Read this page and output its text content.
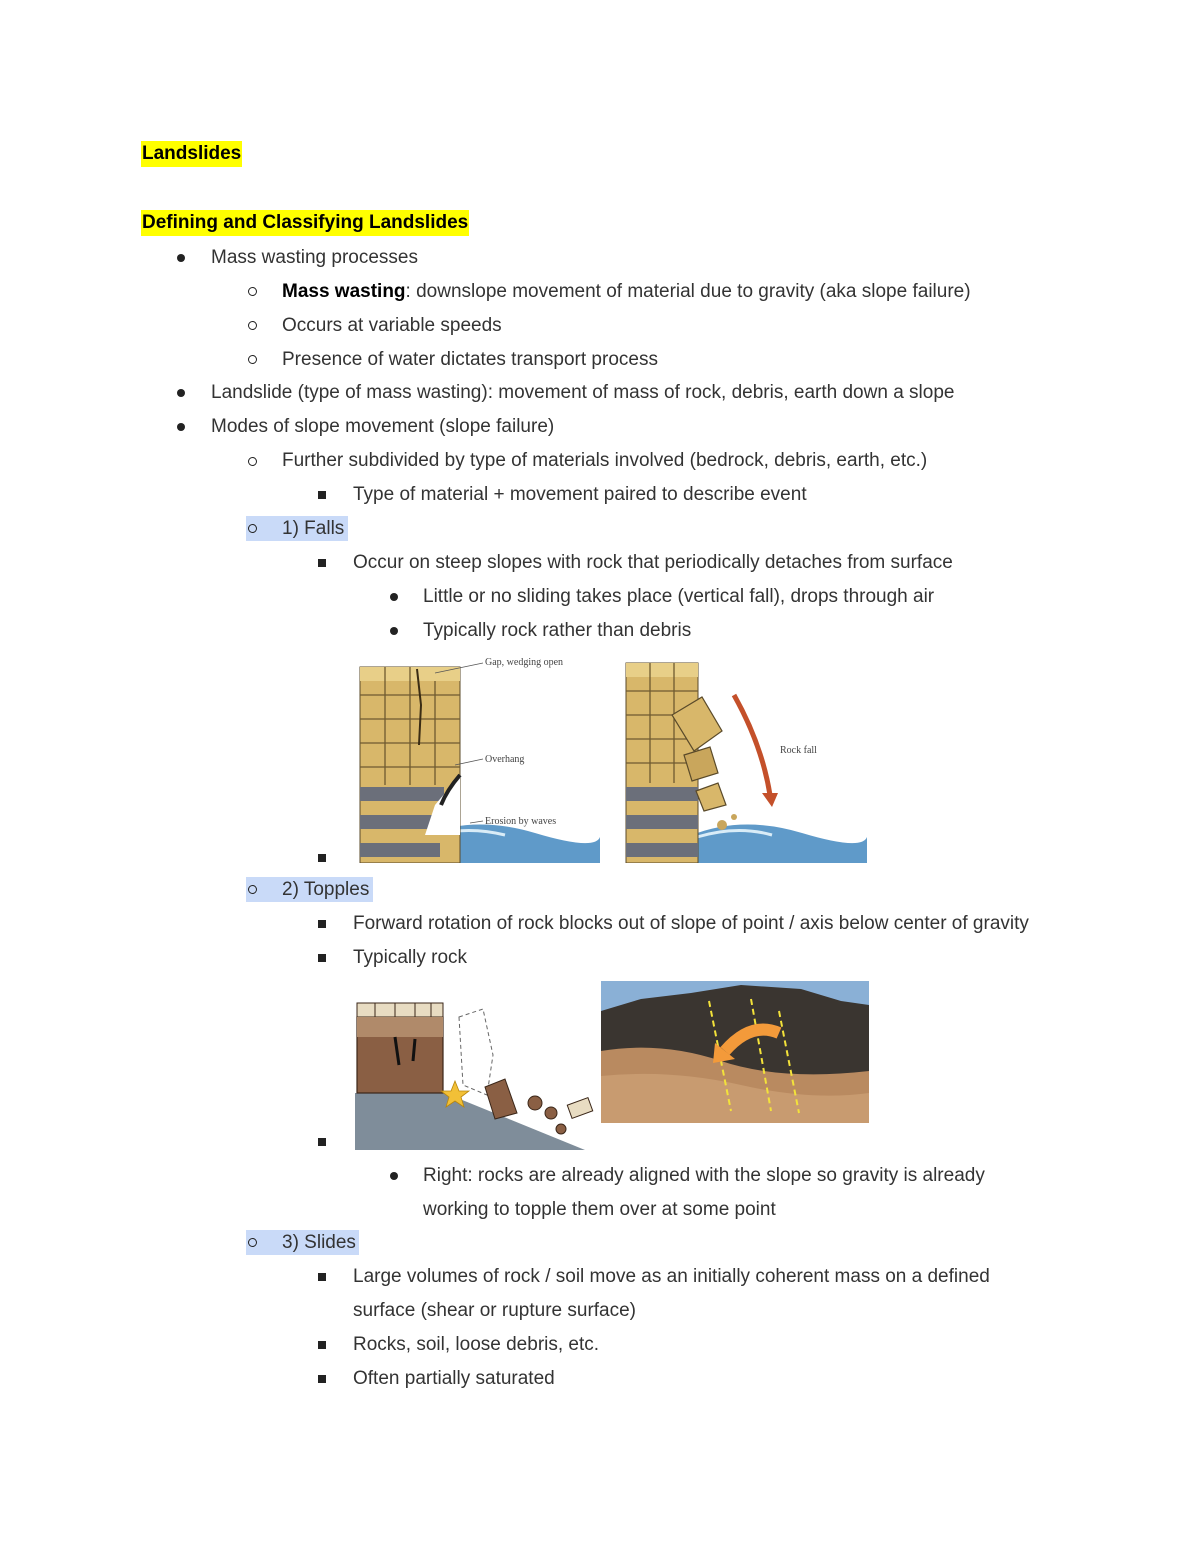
Landslides
Defining and Classifying Landslides
Mass wasting processes
Mass wasting: downslope movement of material due to gravity (aka slope failure)
Occurs at variable speeds
Presence of water dictates transport process
Landslide (type of mass wasting): movement of mass of rock, debris, earth down a slope
Modes of slope movement (slope failure)
Further subdivided by type of materials involved (bedrock, debris, earth, etc.)
Type of material + movement paired to describe event
1) Falls
Occur on steep slopes with rock that periodically detaches from surface
Little or no sliding takes place (vertical fall), drops through air
Typically rock rather than debris
Gap, wedging open
Overhang
Erosion by waves
Rock fall
2) Topples
Forward rotation of rock blocks out of slope of point / axis below center of gravity
Typically rock
Right: rocks are already aligned with the slope so gravity is already
working to topple them over at some point
3) Slides
Large volumes of rock / soil move as an initially coherent mass on a defined
surface (shear or rupture surface)
Rocks, soil, loose debris, etc.
Often partially saturated
